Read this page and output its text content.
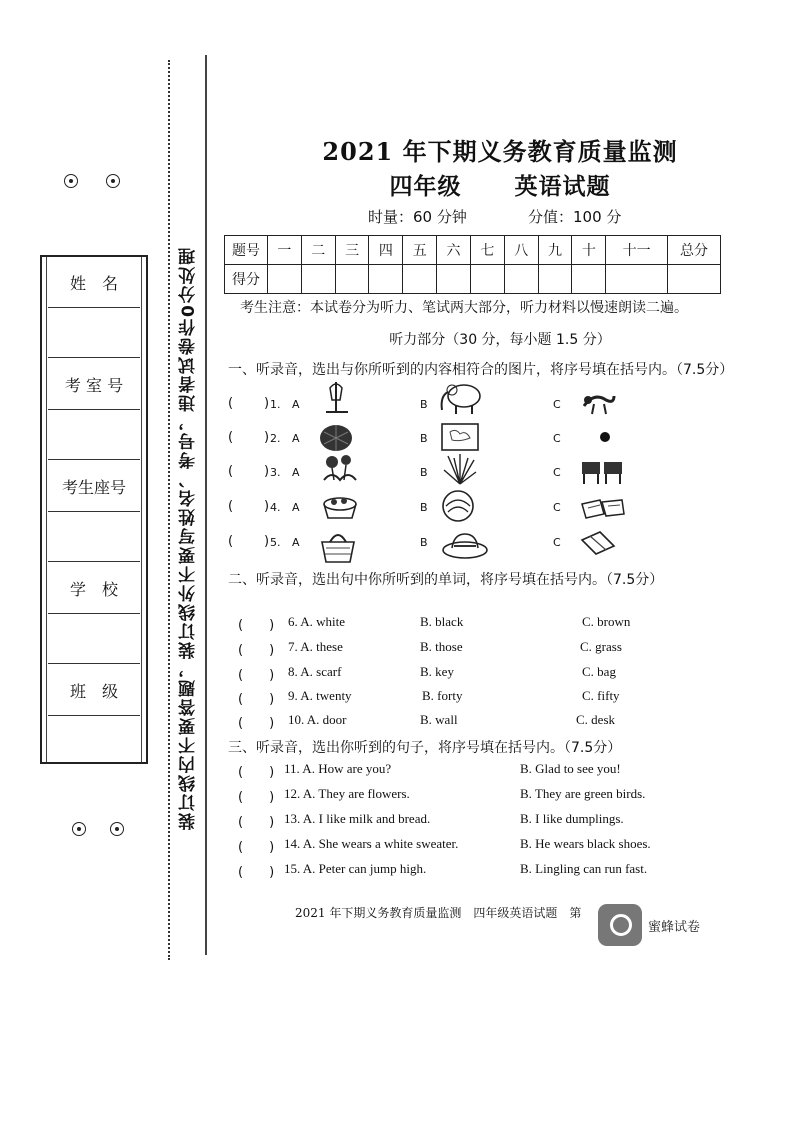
装订线内不要答题，装订线外不要写姓名、考号，违者试卷作0分处理
姓　名
考 室 号
考生座号
学　校
班　级
2021 年下期义务教育质量监测
四年级 英语试题
时量：60 分钟	分值：100 分
题号	一	二	三	四	五	六	七	八	九	十	十一	总分
得分												
考生注意：本试卷分为听力、笔试两大部分，听力材料以慢速朗读二遍。
听力部分（30 分，每小题 1.5 分）
一、听录音，选出与你所听到的内容相符合的图片，将序号填在括号内。（7.5分）
( ) 1. A	B	C
( ) 2. A	B	C
( ) 3. A	B	C
( ) 4. A	B	C
( ) 5. A	B	C
二、听录音，选出句中你所听到的单词，将序号填在括号内。（7.5分）
(　　) 6. A. white	B. black	C. brown
(　　) 7. A. these	B. those	C. grass
(　　) 8. A. scarf	B. key	C. bag
(　　) 9. A. twenty	B. forty	C. fifty
(　　) 10. A. door	B. wall	C. desk
三、听录音，选出你听到的句子，将序号填在括号内。（7.5分）
(　　) 11. A. How are you?	B. Glad to see you!
(　　) 12. A. They are flowers.	B. They are green birds.
(　　) 13. A. I like milk and bread.	B. I like dumplings.
(　　) 14. A. She wears a white sweater.	B. He wears black shoes.
(　　) 15. A. Peter can jump high.	B. Lingling can run fast.
2021 年下期义务教育质量监测　四年级英语试题　第
蜜蜂试卷
